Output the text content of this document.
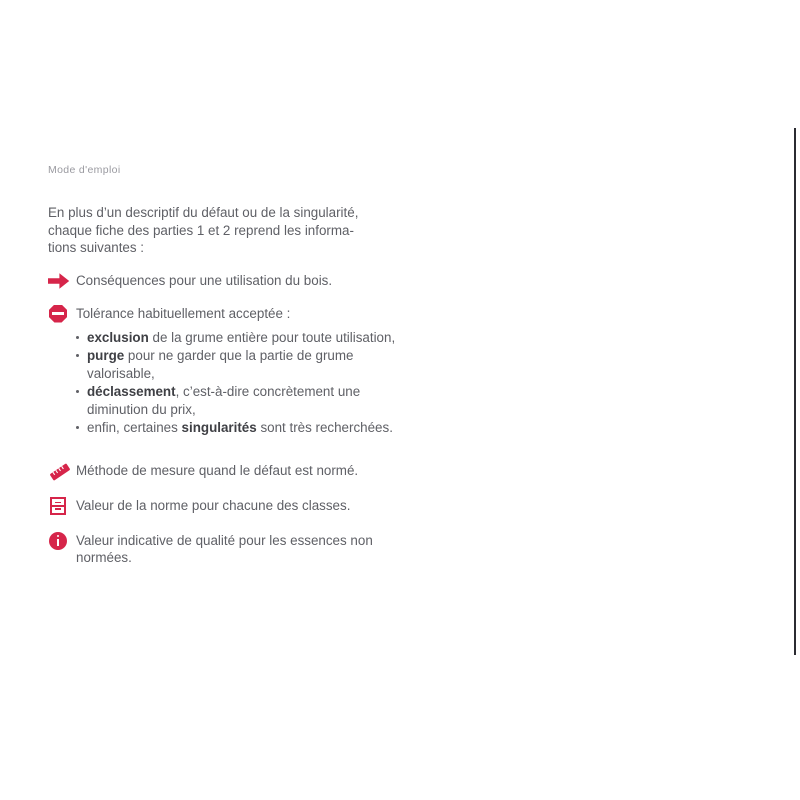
Mode d'emploi

En plus d’un descriptif du défaut ou de la singularité,
chaque fiche des parties 1 et 2 reprend les informa-
tions suivantes :

Conséquences pour une utilisation du bois.
Tolérance habituellement acceptée :
exclusion de la grume entière pour toute utilisation,
purge pour ne garder que la partie de grume valorisable,
déclassement, c’est-à-dire concrètement une diminution du prix,
enfin, certaines singularités sont très recherchées.
Méthode de mesure quand le défaut est normé.
Valeur de la norme pour chacune des classes.
Valeur indicative de qualité pour les essences non
normées.
